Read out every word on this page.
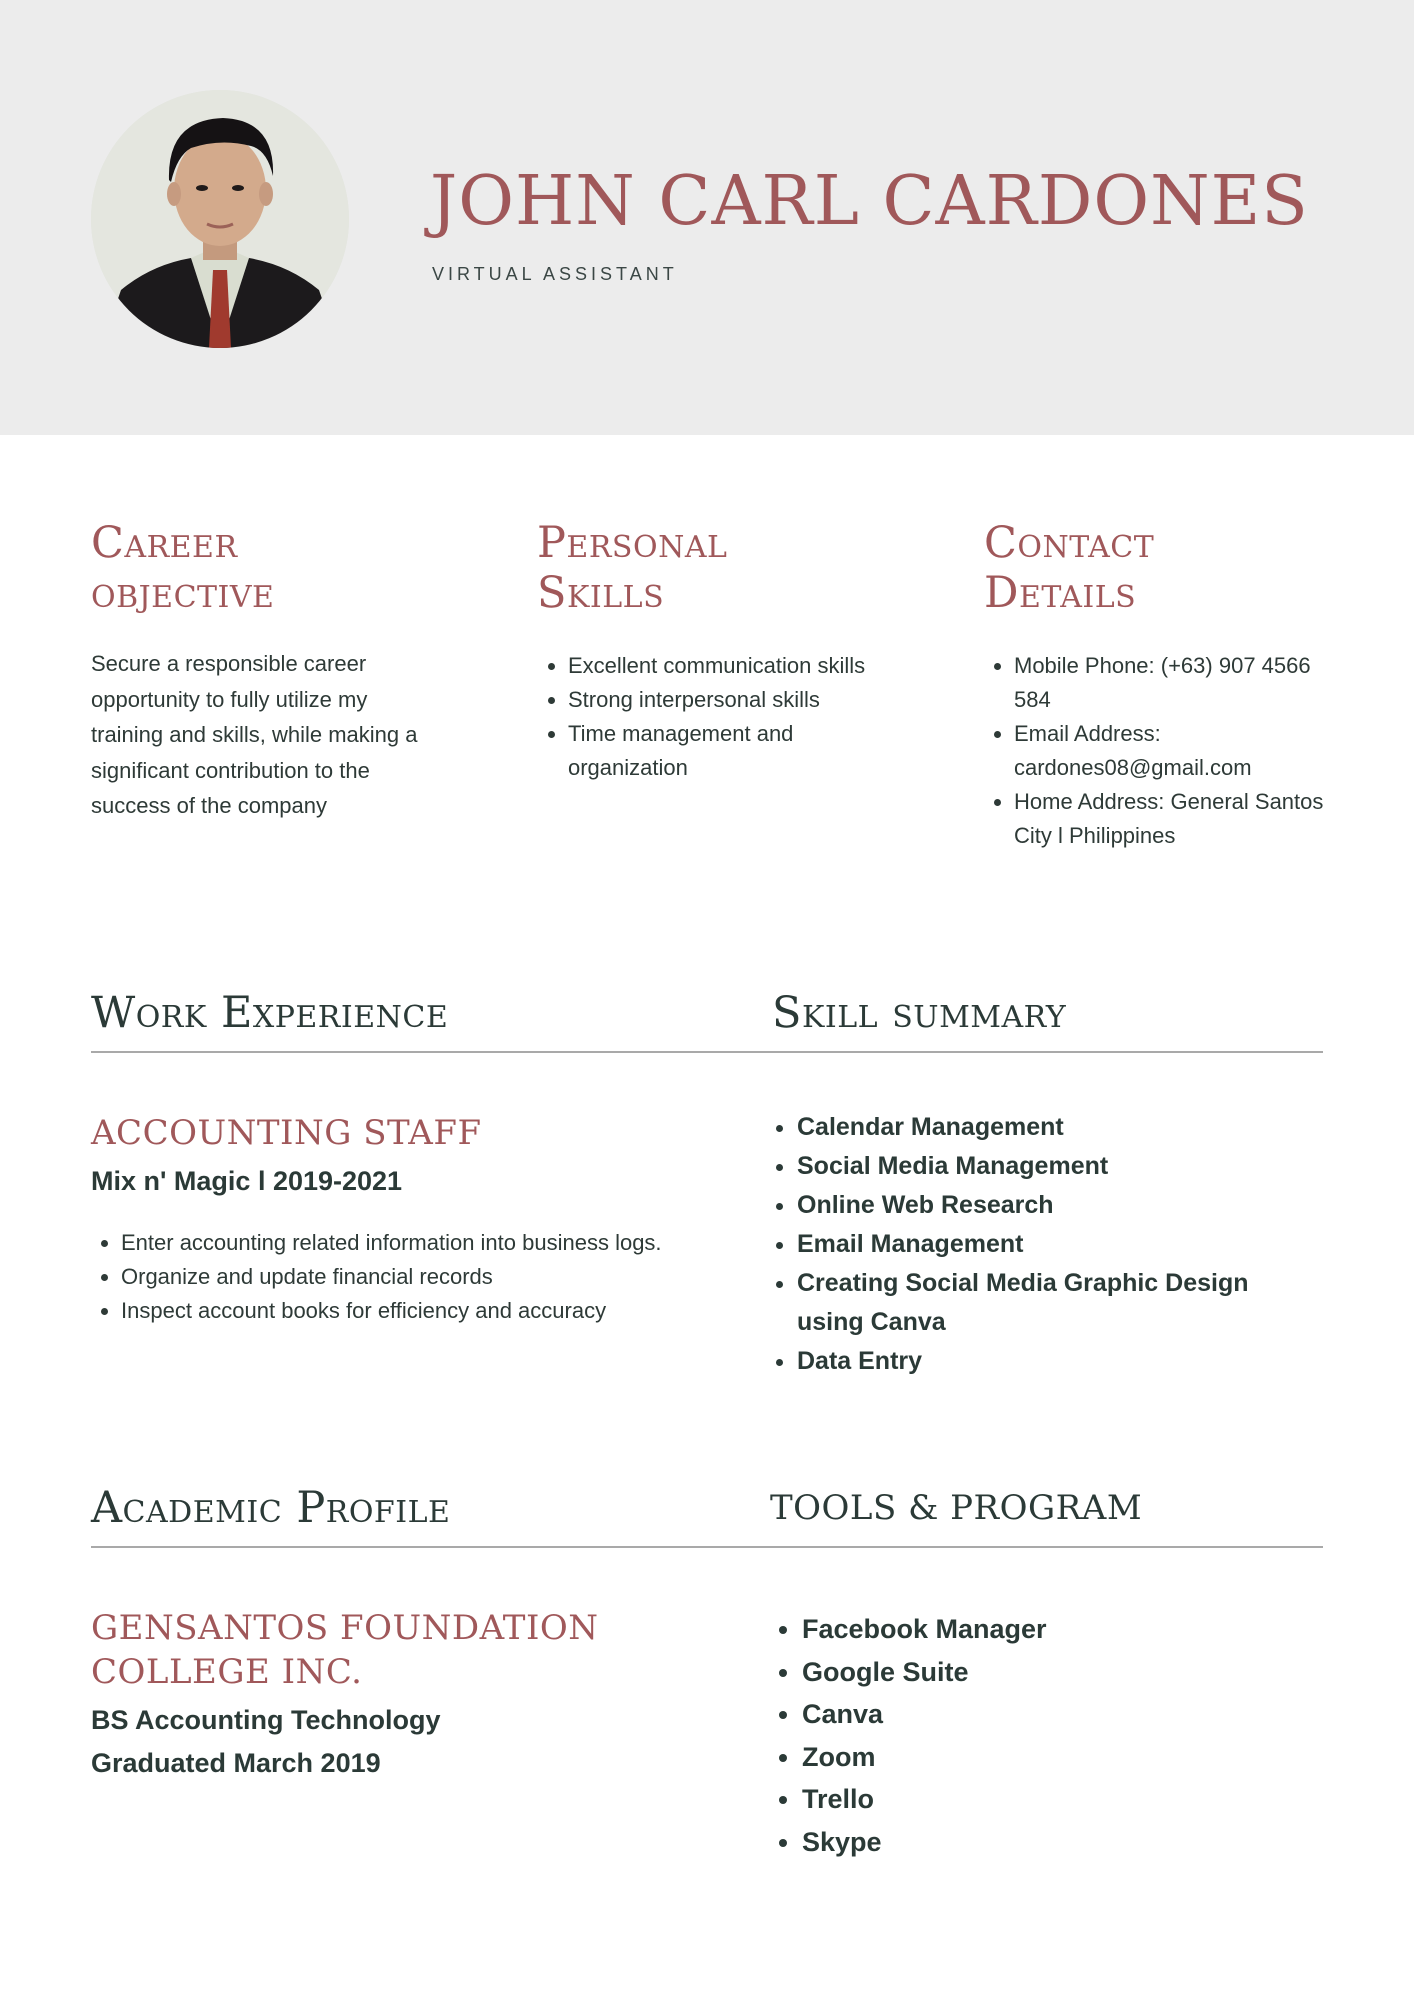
JOHN CARL CARDONES
VIRTUAL ASSISTANT
Career
objective
Secure a responsible career opportunity to fully utilize my training and skills, while making a significant contribution to the success of the company
Personal
Skills
• Excellent communication skills
• Strong interpersonal skills
• Time management and organization
Contact
Details
• Mobile Phone: (+63) 907 4566 584
• Email Address: cardones08@gmail.com
• Home Address: General Santos City l Philippines
Work Experience	Skill summary
ACCOUNTING STAFF
Mix n' Magic l 2019-2021
• Enter accounting related information into business logs.
• Organize and update financial records
• Inspect account books for efficiency and accuracy
• Calendar Management
• Social Media Management
• Online Web Research
• Email Management
• Creating Social Media Graphic Design using Canva
• Data Entry
Academic Profile	TOOLS & PROGRAM
GENSANTOS FOUNDATION
COLLEGE INC.
BS Accounting Technology
Graduated March 2019
• Facebook Manager
• Google Suite
• Canva
• Zoom
• Trello
• Skype
